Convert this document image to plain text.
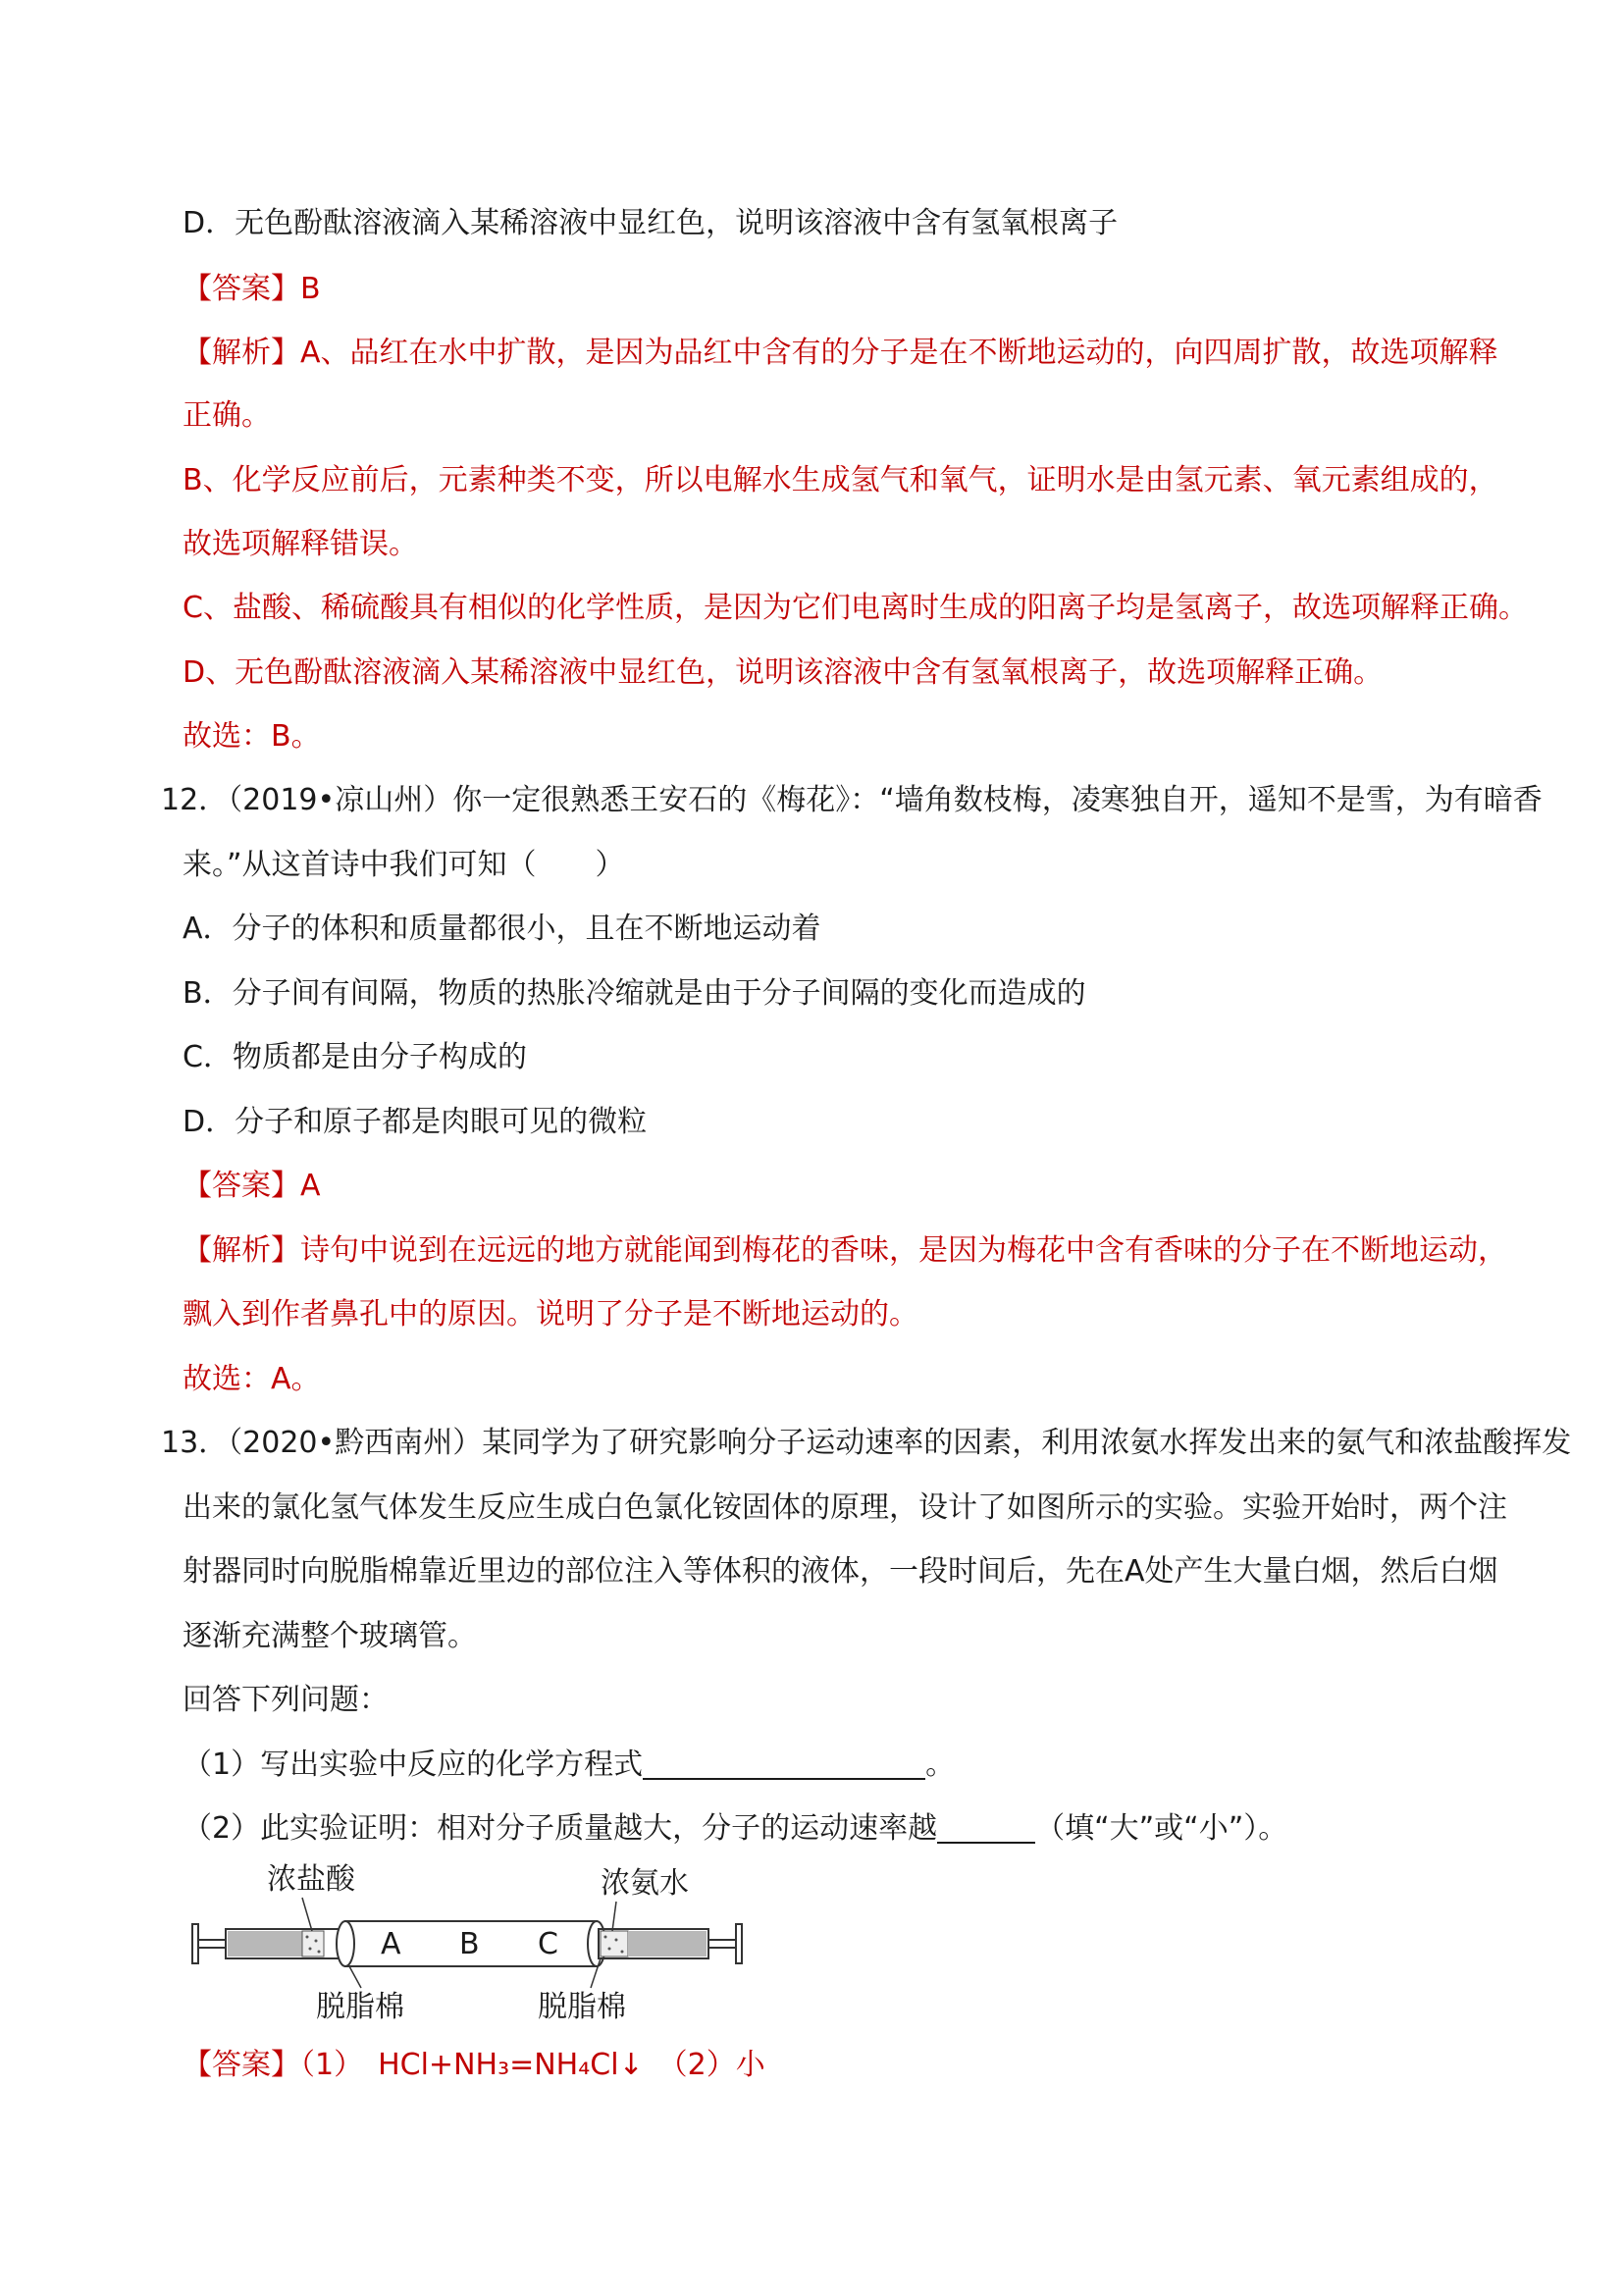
D．无色酚酞溶液滴入某稀溶液中显红色，说明该溶液中含有氢氧根离子
【答案】B
【解析】A、品红在水中扩散，是因为品红中含有的分子是在不断地运动的，向四周扩散，故选项解释
正确。
B、化学反应前后，元素种类不变，所以电解水生成氢气和氧气，证明水是由氢元素、氧元素组成的，
故选项解释错误。
C、盐酸、稀硫酸具有相似的化学性质，是因为它们电离时生成的阳离子均是氢离子，故选项解释正确。
D、无色酚酞溶液滴入某稀溶液中显红色，说明该溶液中含有氢氧根离子，故选项解释正确。
故选：B。
12．（2019•凉山州）你一定很熟悉王安石的《梅花》：“墙角数枝梅，凌寒独自开，遥知不是雪，为有暗香
来。”从这首诗中我们可知（　　）
A．分子的体积和质量都很小，且在不断地运动着
B．分子间有间隔，物质的热胀冷缩就是由于分子间隔的变化而造成的
C．物质都是由分子构成的
D．分子和原子都是肉眼可见的微粒
【答案】A
【解析】诗句中说到在远远的地方就能闻到梅花的香味，是因为梅花中含有香味的分子在不断地运动，
飘入到作者鼻孔中的原因。说明了分子是不断地运动的。
故选：A。
13．（2020•黔西南州）某同学为了研究影响分子运动速率的因素，利用浓氨水挥发出来的氨气和浓盐酸挥发
出来的氯化氢气体发生反应生成白色氯化铵固体的原理，设计了如图所示的实验。实验开始时，两个注
射器同时向脱脂棉靠近里边的部位注入等体积的液体，一段时间后，先在A处产生大量白烟，然后白烟
逐渐充满整个玻璃管。
回答下列问题：
（1）写出实验中反应的化学方程式	。
（2）此实验证明：相对分子质量越大，分子的运动速率越	（填“大”或“小”）。
浓盐酸	浓氨水
A B C
脱脂棉	脱脂棉
【答案】（1）　HCl+NH₃=NH₄Cl↓　（2）小
